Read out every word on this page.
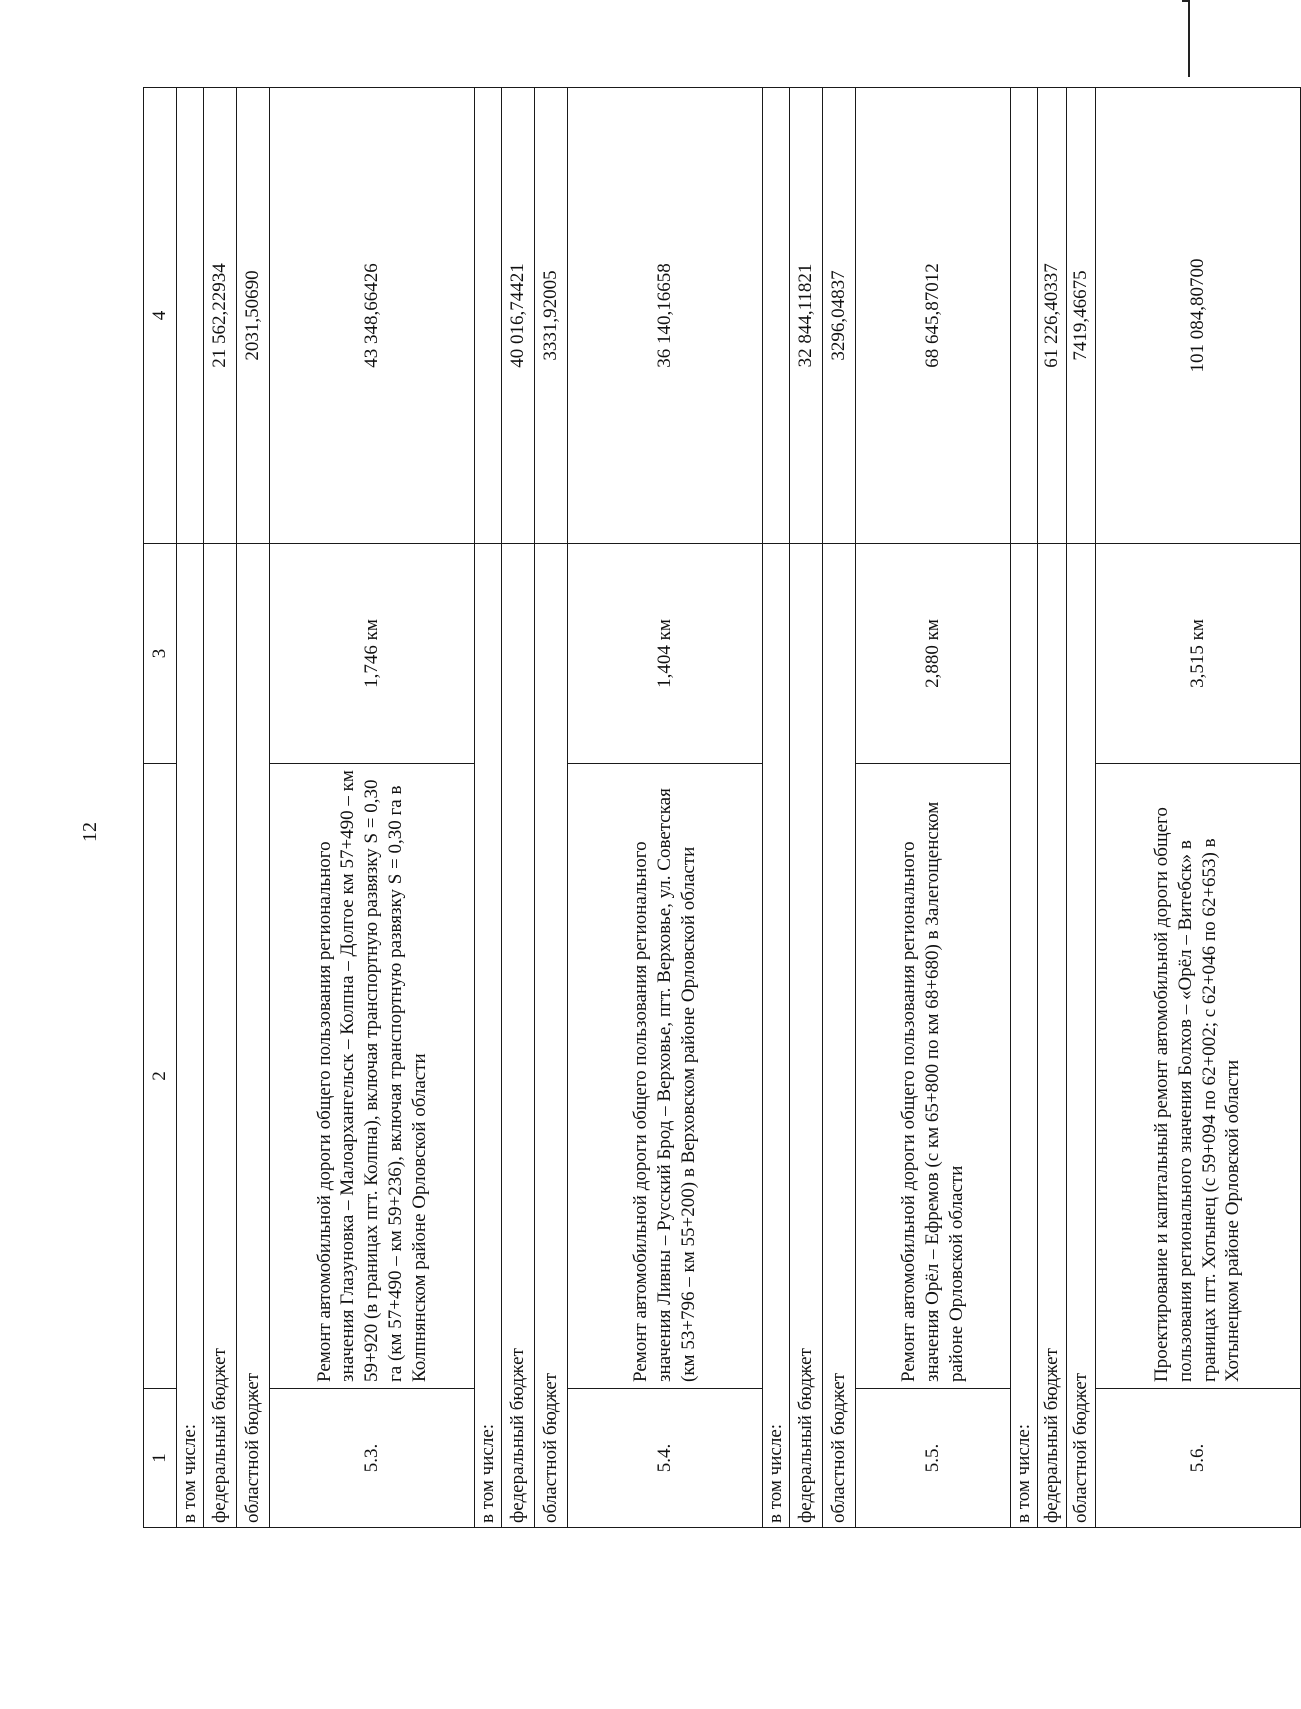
12
1	2	3	4
в том числе:			
федеральный бюджет			21 562,22934
областной бюджет			2031,50690
5.3.	Ремонт автомобильной дороги общего пользования регионального значения Глазуновка – Малоархангельск – Колпна – Долгое км 57+490 – км 59+920 (в границах пгт. Колпна), включая транспортную развязку S = 0,30 га (км 57+490 – км 59+236), включая транспортную развязку S = 0,30 га в Колпнянском районе Орловской области	1,746 км	43 348,66426
в том числе:			
федеральный бюджет			40 016,74421
областной бюджет			3331,92005
5.4.	Ремонт автомобильной дороги общего пользования регионального значения Ливны – Русский Брод – Верховье, пгт. Верховье, ул. Советская (км 53+796 – км 55+200) в Верховском районе Орловской области	1,404 км	36 140,16658
в том числе:			
федеральный бюджет			32 844,11821
областной бюджет			3296,04837
5.5.	Ремонт автомобильной дороги общего пользования регионального значения Орёл – Ефремов (с км 65+800 по км 68+680) в Залегощенском районе Орловской области	2,880 км	68 645,87012
в том числе:			
федеральный бюджет			61 226,40337
областной бюджет			7419,46675
5.6.	Проектирование и капитальный ремонт автомобильной дороги общего пользования регионального значения Болхов – «Орёл – Витебск» в границах пгт. Хотынец (с 59+094 по 62+002; с 62+046 по 62+653) в Хотынецком районе Орловской области	3,515 км	101 084,80700
